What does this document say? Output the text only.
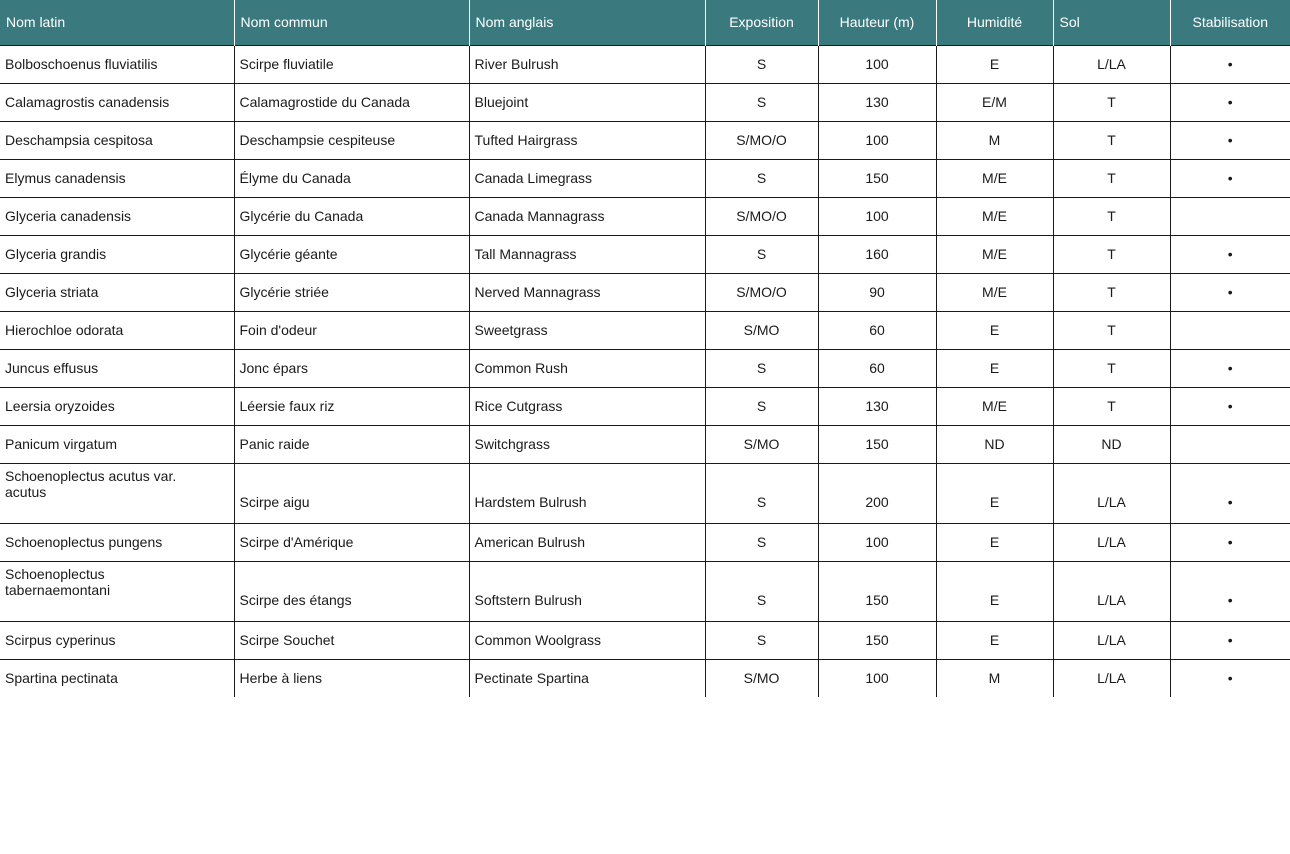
Nom latin	Nom commun	Nom anglais	Exposition	Hauteur (m)	Humidité	Sol	Stabilisation
Bolboschoenus fluviatilis	Scirpe fluviatile	River Bulrush	S	100	E	L/LA	•
Calamagrostis canadensis	Calamagrostide du Canada	Bluejoint	S	130	E/M	T	•
Deschampsia cespitosa	Deschampsie cespiteuse	Tufted Hairgrass	S/MO/O	100	M	T	•
Elymus canadensis	Élyme du Canada	Canada Limegrass	S	150	M/E	T	•
Glyceria canadensis	Glycérie du Canada	Canada Mannagrass	S/MO/O	100	M/E	T	
Glyceria grandis	Glycérie géante	Tall Mannagrass	S	160	M/E	T	•
Glyceria striata	Glycérie striée	Nerved Mannagrass	S/MO/O	90	M/E	T	•
Hierochloe odorata	Foin d'odeur	Sweetgrass	S/MO	60	E	T	
Juncus effusus	Jonc épars	Common Rush	S	60	E	T	•
Leersia oryzoides	Léersie faux riz	Rice Cutgrass	S	130	M/E	T	•
Panicum virgatum	Panic raide	Switchgrass	S/MO	150	ND	ND	

Schoenoplectus acutus var.
acutus	Scirpe aigu	Hardstem Bulrush	S	200	E	L/LA	•
Schoenoplectus pungens	Scirpe d'Amérique	American Bulrush	S	100	E	L/LA	•

Schoenoplectus
tabernaemontani	Scirpe des étangs	Softstern Bulrush	S	150	E	L/LA	•
Scirpus cyperinus	Scirpe Souchet	Common Woolgrass	S	150	E	L/LA	•
Spartina pectinata	Herbe à liens	Pectinate Spartina	S/MO	100	M	L/LA	•
